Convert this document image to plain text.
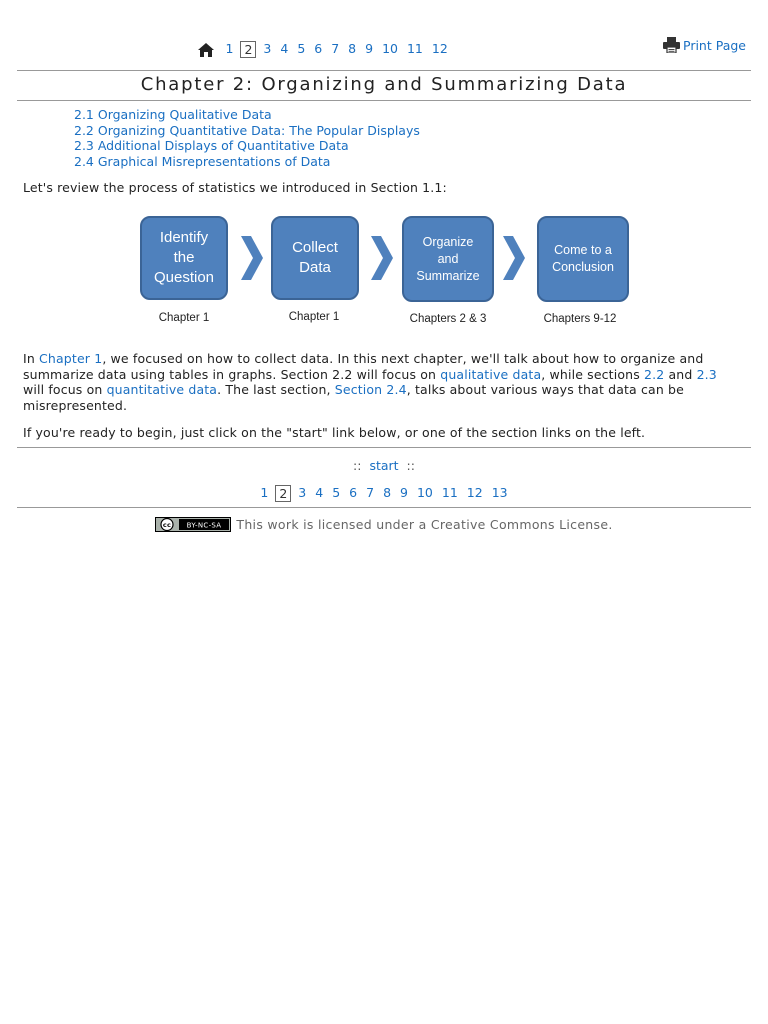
1 2 3 4 5 6 7 8 9 10 11 12	Print Page
Chapter 2: Organizing and Summarizing Data
2.1 Organizing Qualitative Data
2.2 Organizing Quantitative Data: The Popular Displays
2.3 Additional Displays of Quantitative Data
2.4 Graphical Misrepresentations of Data
Let's review the process of statistics we introduced in Section 1.1:
Identify the Question
Collect Data
Organize and Summarize
Come to a Conclusion
Chapter 1	Chapter 1	Chapters 2 & 3	Chapters 9-12
In Chapter 1, we focused on how to collect data. In this next chapter, we'll talk about how to organize and summarize data using tables in graphs. Section 2.2 will focus on qualitative data, while sections 2.2 and 2.3 will focus on quantitative data. The last section, Section 2.4, talks about various ways that data can be misrepresented.
If you're ready to begin, just click on the "start" link below, or one of the section links on the left.
:: start ::
1 2 3 4 5 6 7 8 9 10 11 12 13
cc BY-NC-SA This work is licensed under a Creative Commons License.
